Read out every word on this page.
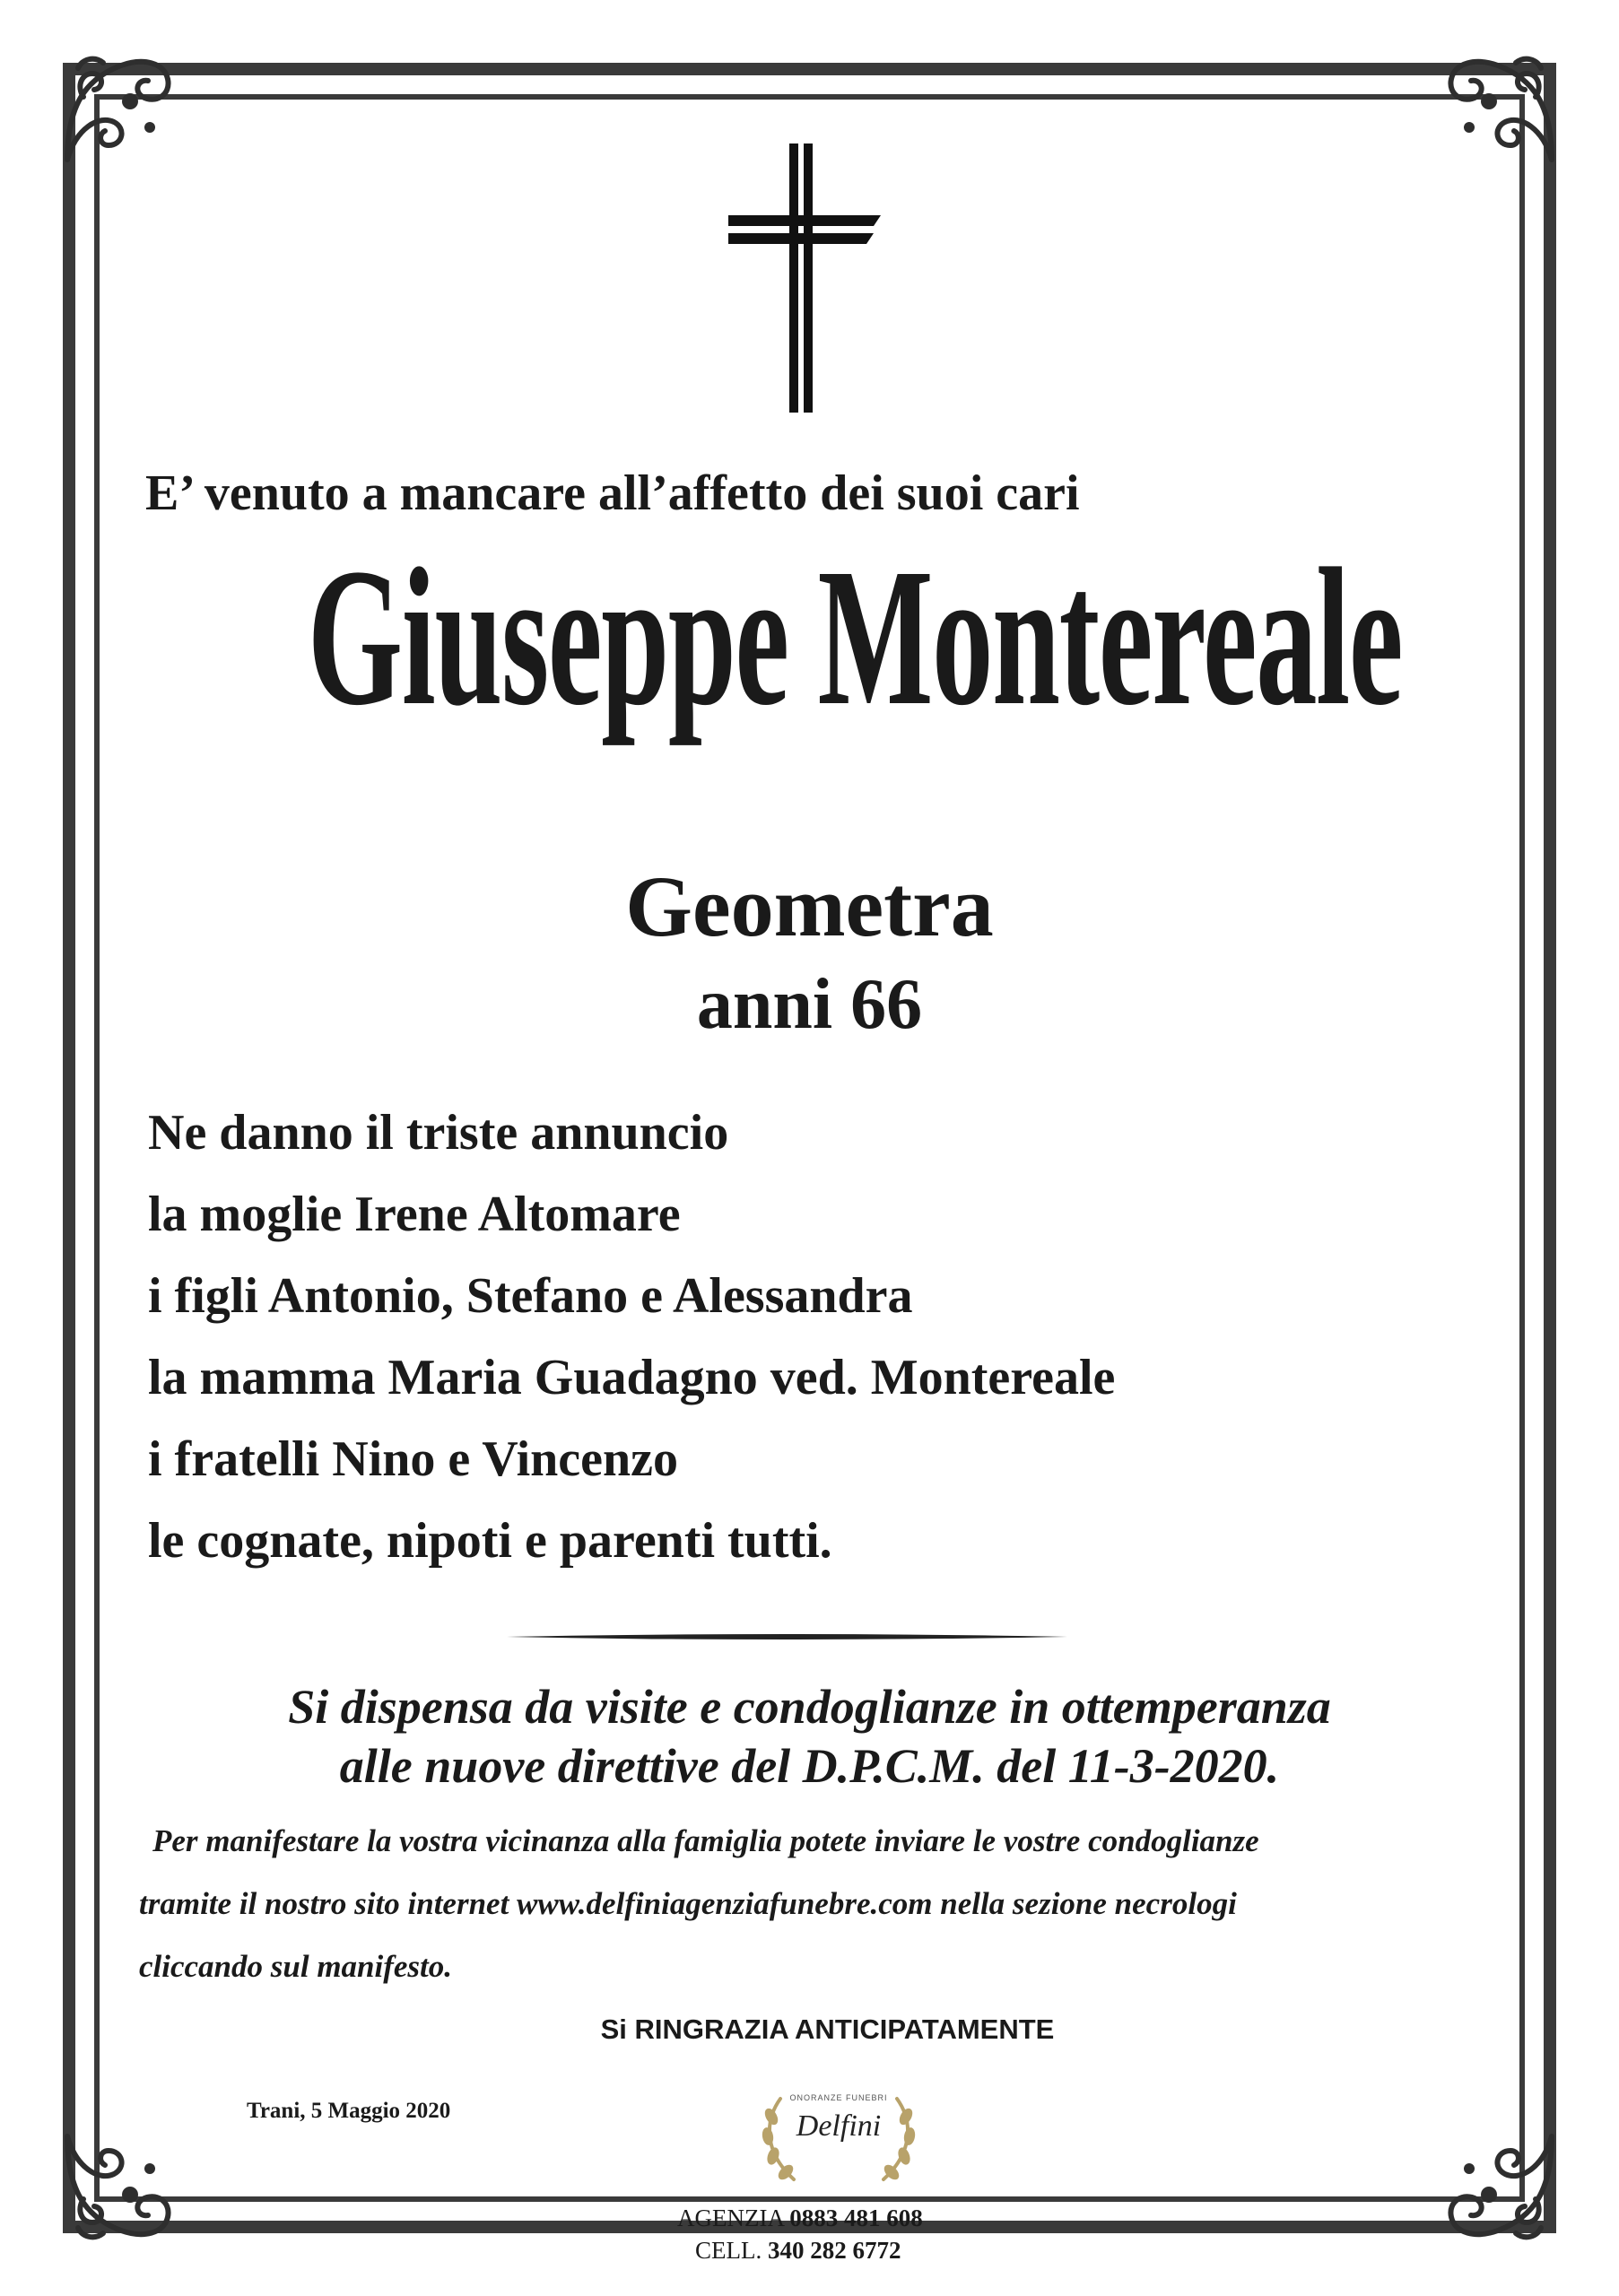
E’ venuto a mancare all’affetto dei suoi cari
Giuseppe Montereale
Geometra
anni 66
Ne danno il triste annuncio
la moglie Irene Altomare
i figli Antonio, Stefano e Alessandra
la mamma Maria Guadagno ved. Montereale
i fratelli Nino e Vincenzo
le cognate, nipoti e parenti tutti.
Si dispensa da visite e condoglianze in ottemperanza
alle nuove direttive del D.P.C.M. del 11-3-2020.
Per manifestare la vostra vicinanza alla famiglia potete inviare le vostre condoglianze
tramite il nostro sito internet www.delfiniagenziafunebre.com nella sezione necrologi
cliccando sul manifesto.
Si RINGRAZIA ANTICIPATAMENTE
Trani, 5 Maggio 2020
ONORANZE FUNEBRI
Delfini
AGENZIA 0883 481 608
CELL. 340 282 6772
